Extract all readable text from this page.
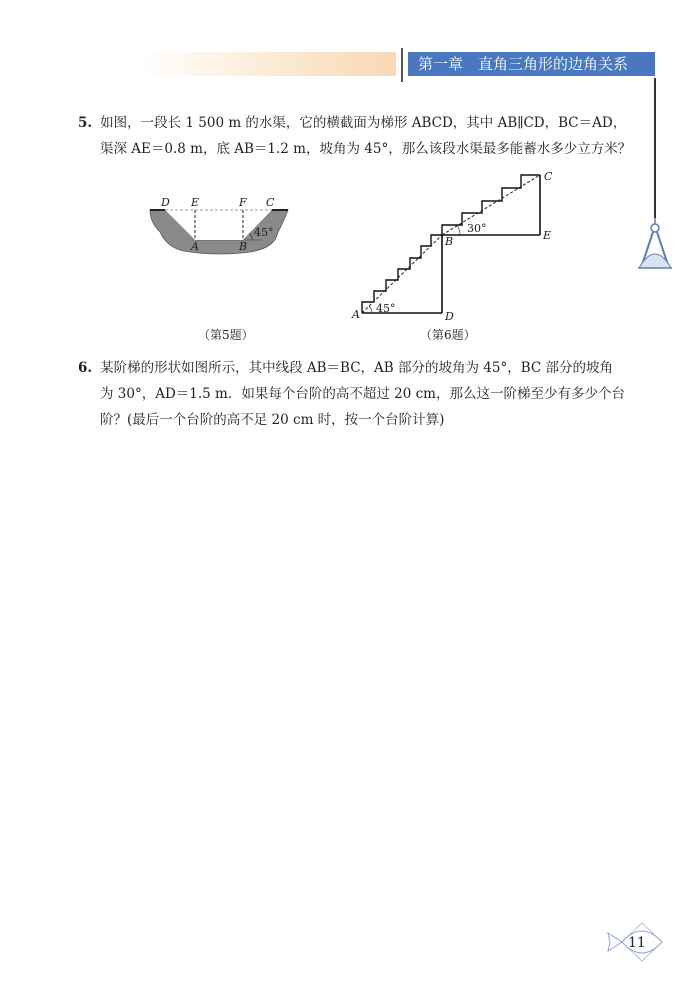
第一章　直角三角形的边角关系
5. 如图，一段长 1 500 m 的水渠，它的横截面为梯形 ABCD，其中 AB∥CD，BC＝AD，
渠深 AE＝0.8 m，底 AB＝1.2 m，坡角为 45°，那么该段水渠最多能蓄水多少立方米？
D E	F C
A	B
45°
A
B
C
D
E
45°
30°
（第5题）	（第6题）
6. 某阶梯的形状如图所示，其中线段 AB＝BC，AB 部分的坡角为 45°，BC 部分的坡角
为 30°，AD＝1.5 m．如果每个台阶的高不超过 20 cm，那么这一阶梯至少有多少个台
阶？(最后一个台阶的高不足 20 cm 时，按一个台阶计算)
11
